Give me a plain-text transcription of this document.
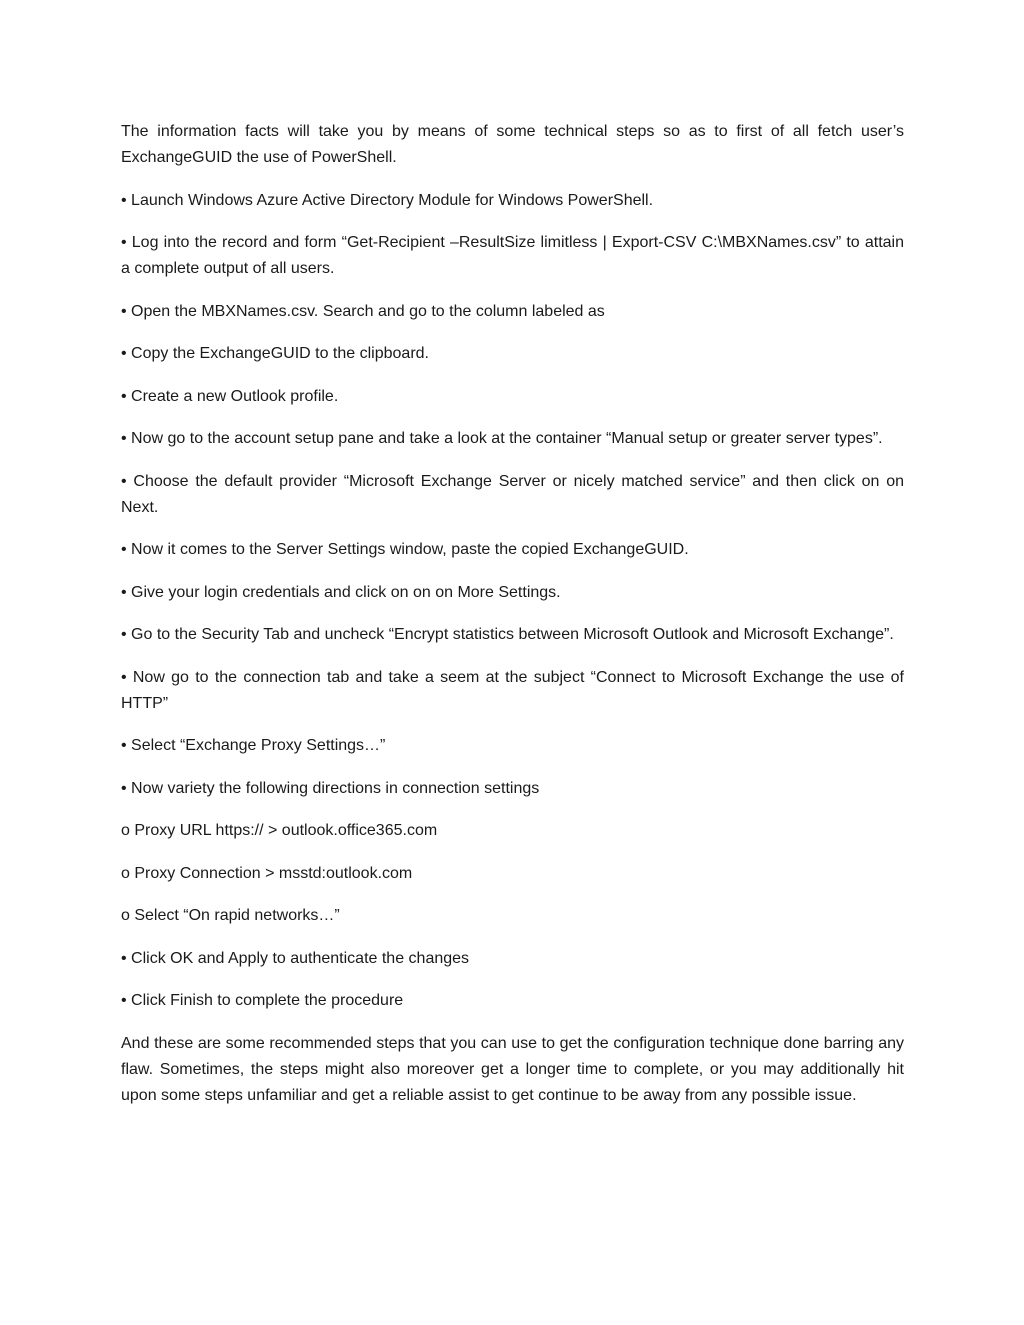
The information facts will take you by means of some technical steps so as to first of all fetch user’s ExchangeGUID the use of PowerShell.

• Launch Windows Azure Active Directory Module for Windows PowerShell.

• Log into the record and form “Get-Recipient –ResultSize limitless | Export-CSV C:\MBXNames.csv” to attain a complete output of all users.

• Open the MBXNames.csv. Search and go to the column labeled as

• Copy the ExchangeGUID to the clipboard.

• Create a new Outlook profile.

• Now go to the account setup pane and take a look at the container “Manual setup or greater server types”.

• Choose the default provider “Microsoft Exchange Server or nicely matched service” and then click on on Next.

• Now it comes to the Server Settings window, paste the copied ExchangeGUID.

• Give your login credentials and click on on on More Settings.

• Go to the Security Tab and uncheck “Encrypt statistics between Microsoft Outlook and Microsoft Exchange”.

• Now go to the connection tab and take a seem at the subject “Connect to Microsoft Exchange the use of HTTP”

• Select “Exchange Proxy Settings…”

• Now variety the following directions in connection settings

o Proxy URL https:// > outlook.office365.com

o Proxy Connection > msstd:outlook.com

o Select “On rapid networks…”

• Click OK and Apply to authenticate the changes

• Click Finish to complete the procedure

And these are some recommended steps that you can use to get the configuration technique done barring any flaw. Sometimes, the steps might also moreover get a longer time to complete, or you may additionally hit upon some steps unfamiliar and get a reliable assist to get continue to be away from any possible issue.
